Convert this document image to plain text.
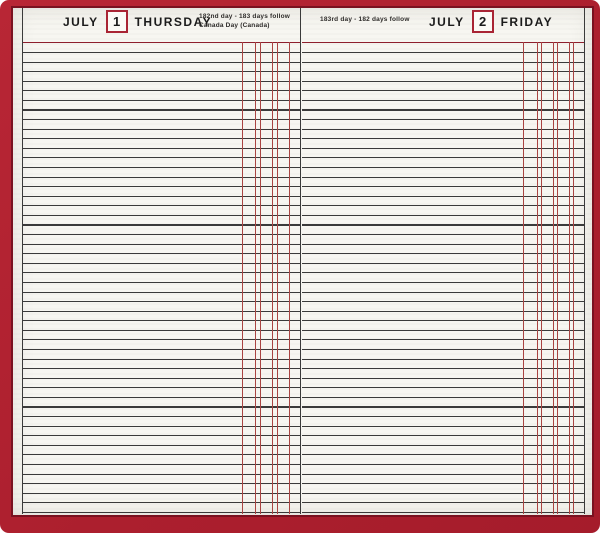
JULY	1	THURSDAY
182nd day - 183 days follow
Canada Day (Canada)
183rd day - 182 days follow JULY	2	FRIDAY
